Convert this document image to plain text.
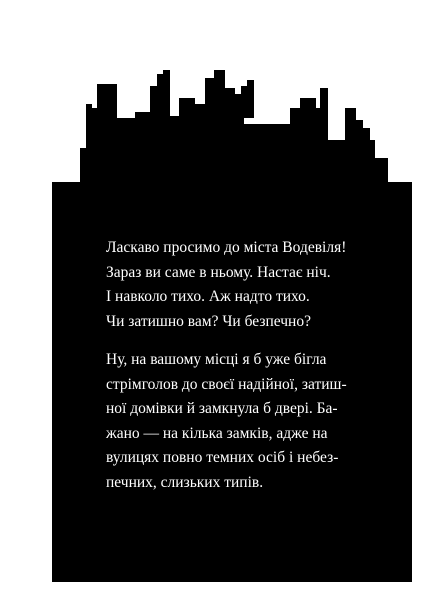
Ласкаво просимо до міста Водевіля!
Зараз ви саме в ньому. Настає ніч.
І навколо тихо. Аж надто тихо.
Чи затишно вам? Чи безпечно?

Ну, на вашому місці я б уже бігла
стрімголов до своєї надійної, затиш-
ної домівки й замкнула б двері. Ба-
жано — на кілька замків, адже на
вулицях повно темних осіб і небез-
печних, слизьких типів.
